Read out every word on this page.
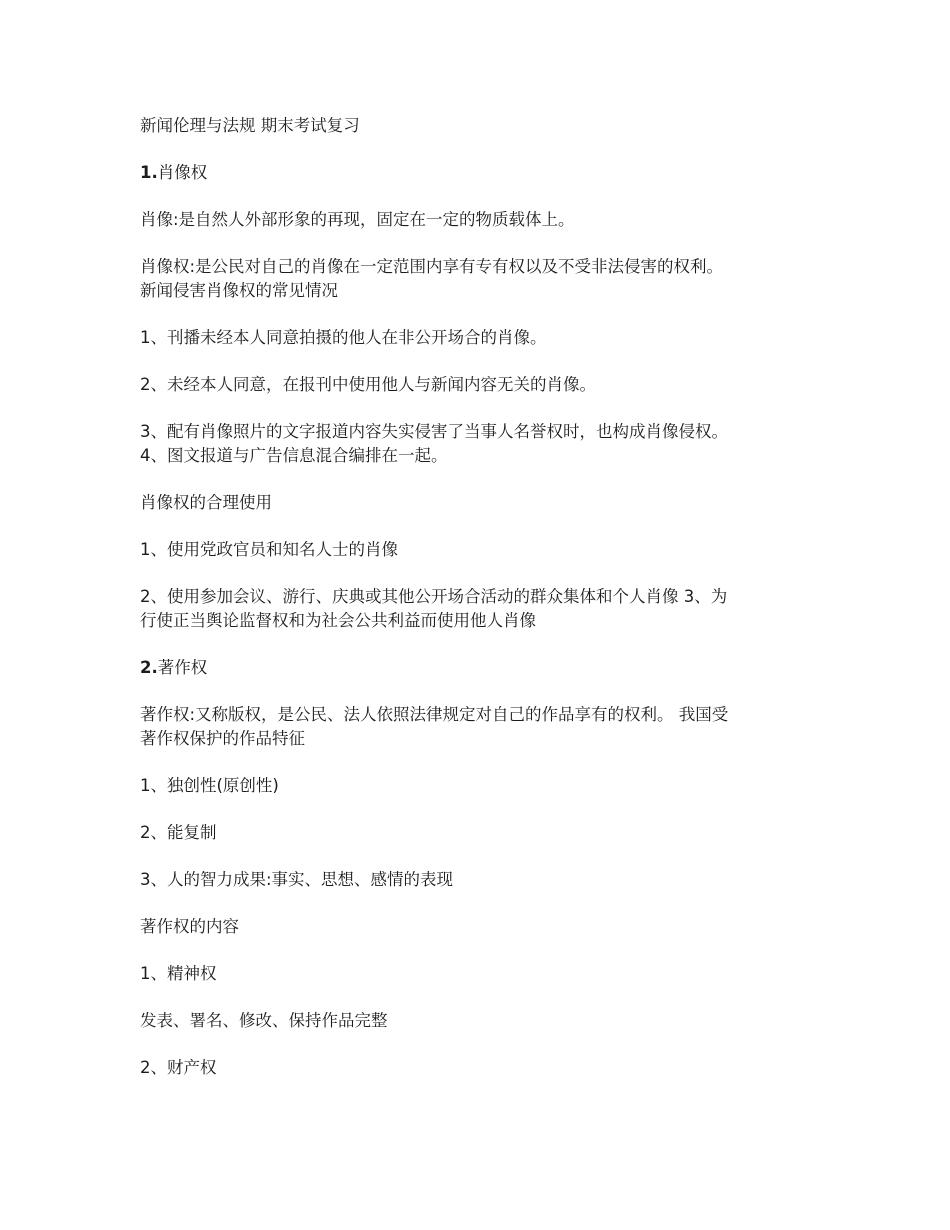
新闻伦理与法规 期末考试复习

1.肖像权

肖像:是自然人外部形象的再现，固定在一定的物质载体上。

肖像权:是公民对自己的肖像在一定范围内享有专有权以及不受非法侵害的权利。

新闻侵害肖像权的常见情况

1、刊播未经本人同意拍摄的他人在非公开场合的肖像。

2、未经本人同意，在报刊中使用他人与新闻内容无关的肖像。

3、配有肖像照片的文字报道内容失实侵害了当事人名誉权时，也构成肖像侵权。

4、图文报道与广告信息混合编排在一起。

肖像权的合理使用

1、使用党政官员和知名人士的肖像

2、使用参加会议、游行、庆典或其他公开场合活动的群众集体和个人肖像 3、为

行使正当舆论监督权和为社会公共利益而使用他人肖像

2.著作权

著作权:又称版权，是公民、法人依照法律规定对自己的作品享有的权利。 我国受

著作权保护的作品特征

1、独创性(原创性)

2、能复制

3、人的智力成果:事实、思想、感情的表现

著作权的内容

1、精神权

发表、署名、修改、保持作品完整

2、财产权
